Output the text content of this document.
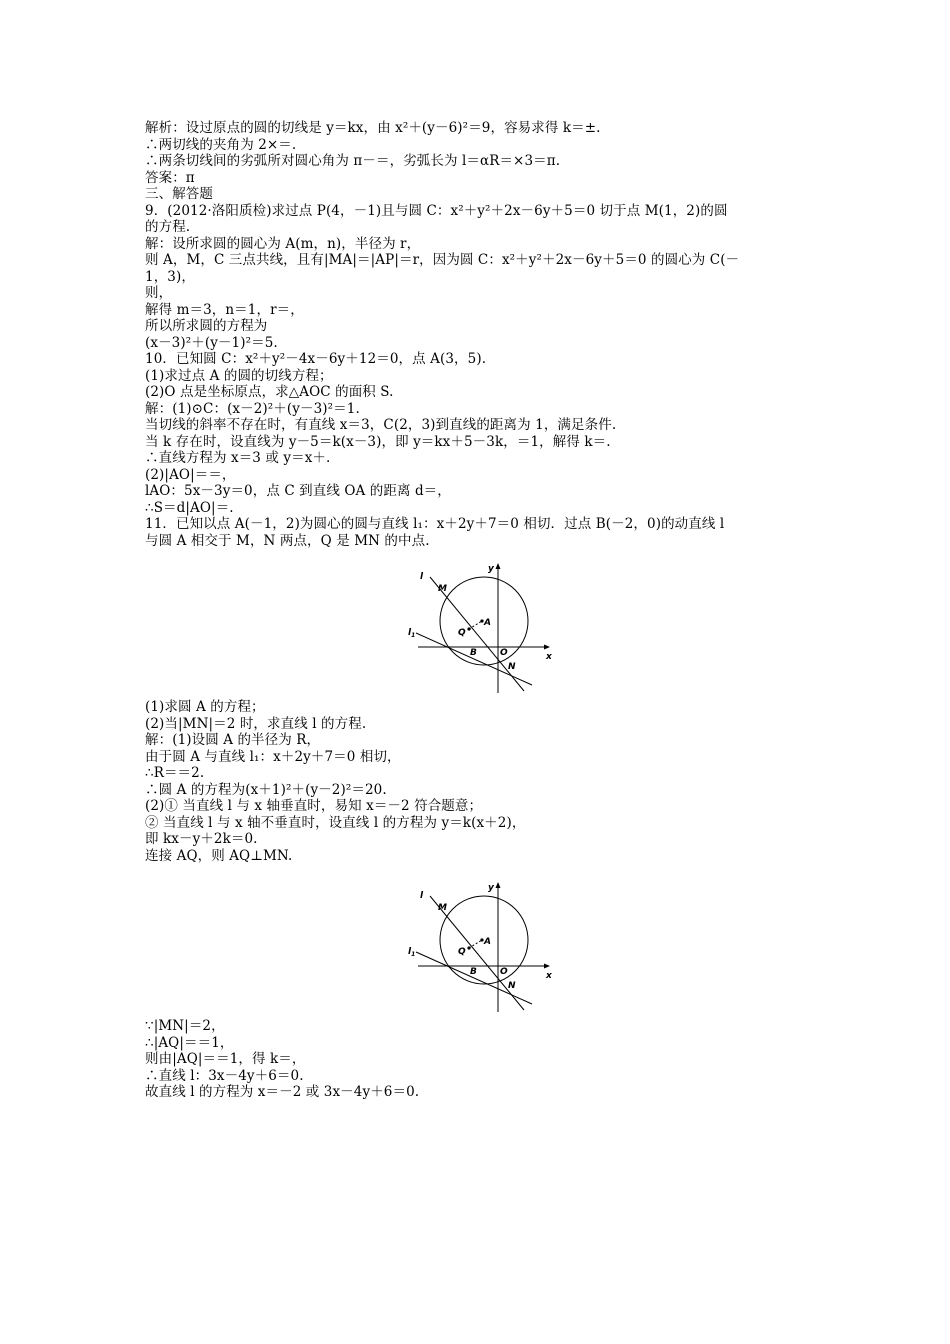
解析：设过原点的圆的切线是 y＝kx，由 x²＋(y－6)²＝9，容易求得 k＝±.
∴两切线的夹角为 2×＝.
∴两条切线间的劣弧所对圆心角为 π－＝，劣弧长为 l＝αR＝×3＝π.
答案：π
三、解答题
9．(2012·洛阳质检)求过点 P(4，－1)且与圆 C：x²＋y²＋2x－6y＋5＝0 切于点 M(1，2)的圆
的方程.
解：设所求圆的圆心为 A(m，n)，半径为 r，
则 A，M，C 三点共线，且有|MA|＝|AP|＝r，因为圆 C：x²＋y²＋2x－6y＋5＝0 的圆心为 C(－
1，3)，
则，
解得 m＝3，n＝1，r＝，
所以所求圆的方程为
(x－3)²＋(y－1)²＝5.
10．已知圆 C：x²＋y²－4x－6y＋12＝0，点 A(3，5).
(1)求过点 A 的圆的切线方程；
(2)O 点是坐标原点，求△AOC 的面积 S.
解：(1)⊙C：(x－2)²＋(y－3)²＝1.
当切线的斜率不存在时，有直线 x＝3，C(2，3)到直线的距离为 1，满足条件.
当 k 存在时，设直线为 y－5＝k(x－3)，即 y＝kx＋5－3k，＝1，解得 k＝.
∴直线方程为 x＝3 或 y＝x＋.
(2)|AO|＝＝，
lAO：5x－3y＝0，点 C 到直线 OA 的距离 d＝，
∴S＝d|AO|＝.
11．已知以点 A(－1，2)为圆心的圆与直线 l₁：x＋2y＋7＝0 相切．过点 B(－2，0)的动直线 l
与圆 A 相交于 M，N 两点，Q 是 MN 的中点.
y
x
l
$l_1$
M
Q
A
B	O
N
(1)求圆 A 的方程；
(2)当|MN|＝2 时，求直线 l 的方程.
解：(1)设圆 A 的半径为 R，
由于圆 A 与直线 l₁：x＋2y＋7＝0 相切，
∴R＝＝2.
∴圆 A 的方程为(x＋1)²＋(y－2)²＝20.
(2)① 当直线 l 与 x 轴垂直时，易知 x＝－2 符合题意；
② 当直线 l 与 x 轴不垂直时，设直线 l 的方程为 y＝k(x＋2)，
即 kx－y＋2k＝0.
连接 AQ，则 AQ⊥MN.
y
x
l
$l_1$
M
Q
A
B	O
N
∵|MN|＝2，
∴|AQ|＝＝1，
则由|AQ|＝＝1，得 k＝，
∴直线 l：3x－4y＋6＝0.
故直线 l 的方程为 x＝－2 或 3x－4y＋6＝0.
